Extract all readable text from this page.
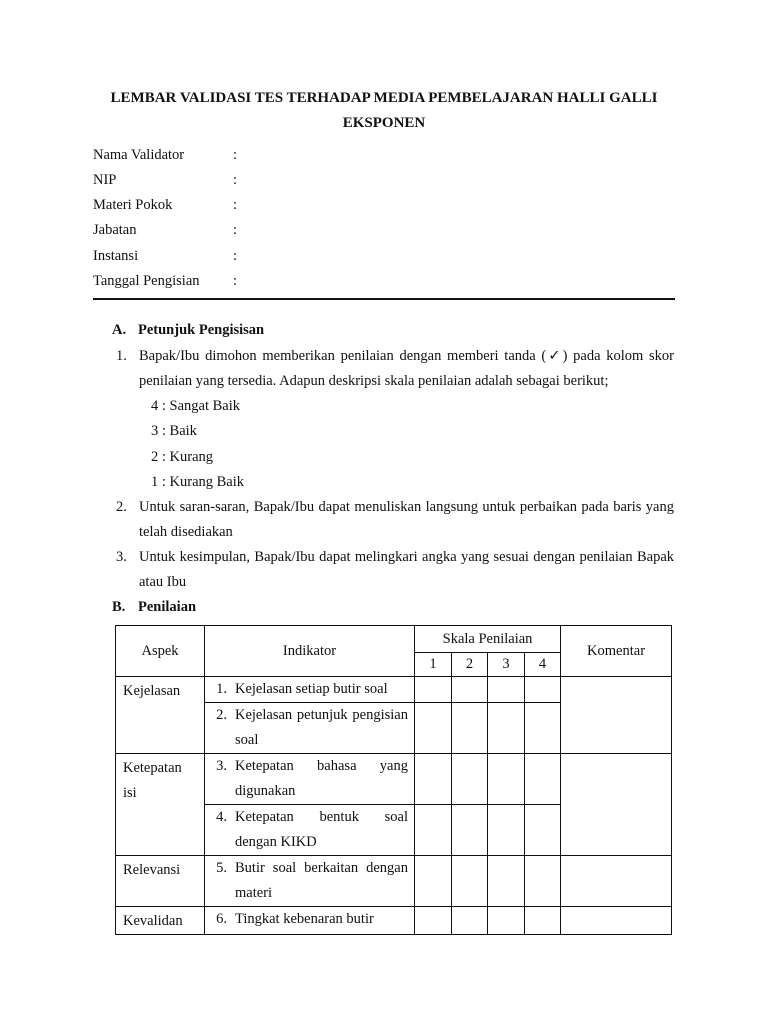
LEMBAR VALIDASI TES TERHADAP MEDIA PEMBELAJARAN HALLI GALLI
EKSPONEN
Nama Validator	:
NIP	:
Materi Pokok	:
Jabatan	:
Instansi	:
Tanggal Pengisian	:
A. Petunjuk Pengisisan
1. Bapak/Ibu dimohon memberikan penilaian dengan memberi tanda (✓) pada kolom skor penilaian yang tersedia. Adapun deskripsi skala penilaian adalah sebagai berikut;
4 : Sangat Baik
3 : Baik
2 : Kurang
1 : Kurang Baik
2. Untuk saran-saran, Bapak/Ibu dapat menuliskan langsung untuk perbaikan pada baris yang telah disediakan
3. Untuk kesimpulan, Bapak/Ibu dapat melingkari angka yang sesuai dengan penilaian Bapak atau Ibu
B. Penilaian
Aspek	Indikator	Skala Penilaian				Komentar
		1	2	3	4	
Kejelasan	1. Kejelasan setiap butir soal					

	2. Kejelasan petunjuk pengisian soal					

Ketepatan isi	3. Ketepatan bahasa yang digunakan					

	4. Ketepatan bentuk soal dengan KIKD					

Relevansi	5. Butir soal berkaitan dengan materi					

Kevalidan	6. Tingkat kebenaran butir					
